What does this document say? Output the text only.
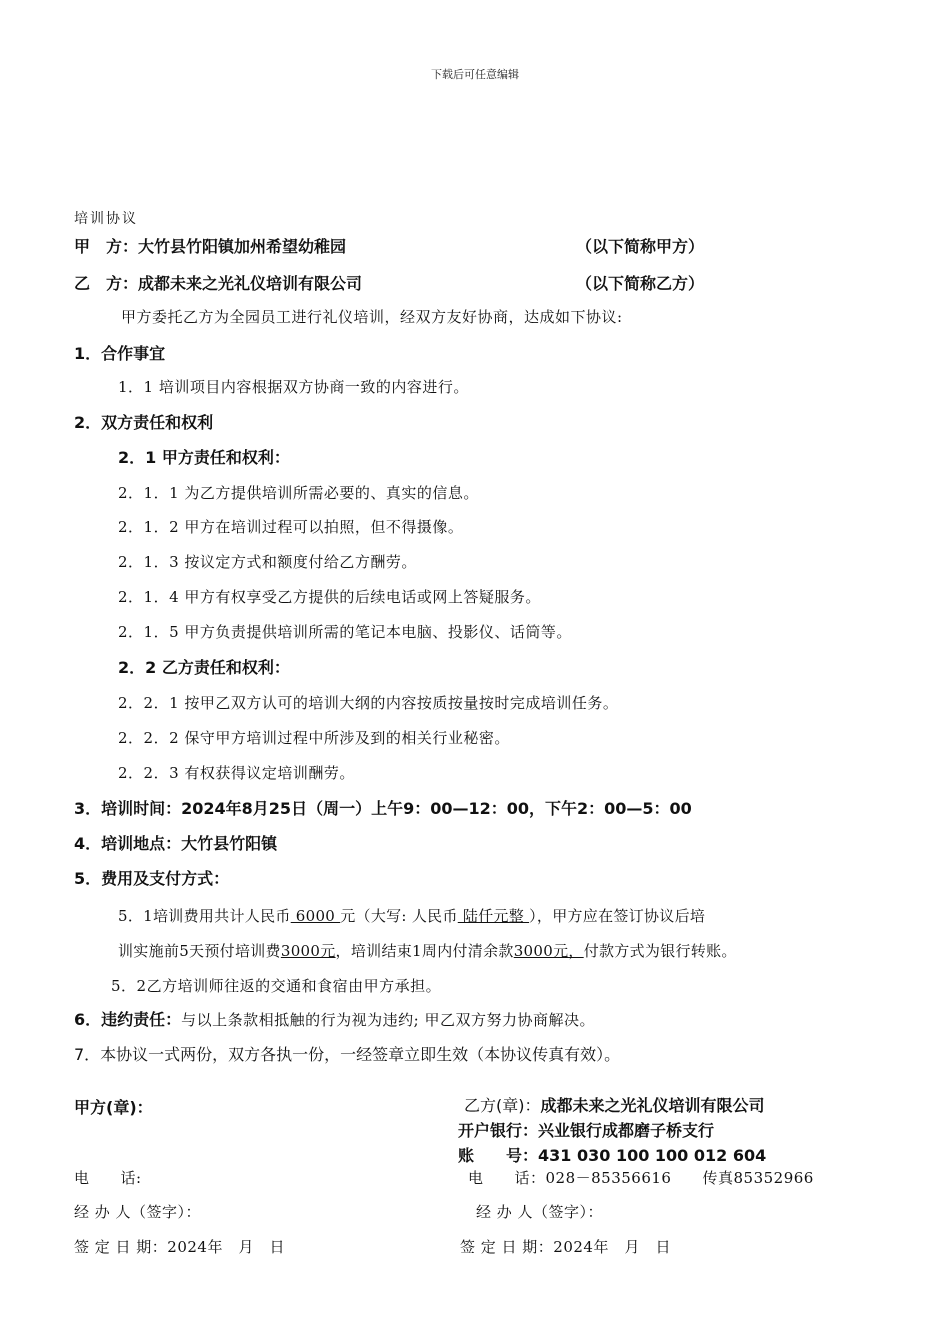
下载后可任意编辑
培训协议
甲　方：大竹县竹阳镇加州希望幼稚园	（以下简称甲方）
乙　方：成都未来之光礼仪培训有限公司	（以下简称乙方）
甲方委托乙方为全园员工进行礼仪培训，经双方友好协商，达成如下协议:
1．合作事宜
1．1 培训项目内容根据双方协商一致的内容进行。
2．双方责任和权利
2．1 甲方责任和权利：
2．1．1 为乙方提供培训所需必要的、真实的信息。
2．1．2 甲方在培训过程可以拍照，但不得摄像。
2．1．3 按议定方式和额度付给乙方酬劳。
2．1．4 甲方有权享受乙方提供的后续电话或网上答疑服务。
2．1．5 甲方负责提供培训所需的笔记本电脑、投影仪、话筒等。
2．2 乙方责任和权利：
2．2．1 按甲乙双方认可的培训大纲的内容按质按量按时完成培训任务。
2．2．2 保守甲方培训过程中所涉及到的相关行业秘密。
2．2．3 有权获得议定培训酬劳。
3．培训时间：2024年8月25日（周一）上午9：00—12：00，下午2：00—5：00
4．培训地点：大竹县竹阳镇
5．费用及支付方式：
5．1培训费用共计人民币 6000 元（大写: 人民币 陆仟元整 ），甲方应在签订协议后培
训实施前5天预付培训费3000元，培训结束1周内付清余款3000元，付款方式为银行转账。
5．2乙方培训师往返的交通和食宿由甲方承担。
6．违约责任：与以上条款相抵触的行为视为违约; 甲乙双方努力协商解决。
7．本协议一式两份，双方各执一份，一经签章立即生效（本协议传真有效）。
甲方(章)：	乙方(章)：成都未来之光礼仪培训有限公司
开户银行：兴业银行成都磨子桥支行
账　　号：431 030 100 100 012 604
电　　话:	电　　话：028－85356616　　传真85352966
经 办 人（签字）：	经 办 人（签字）：
签 定 日 期：2024年　月　日	签 定 日 期：2024年　月　日
